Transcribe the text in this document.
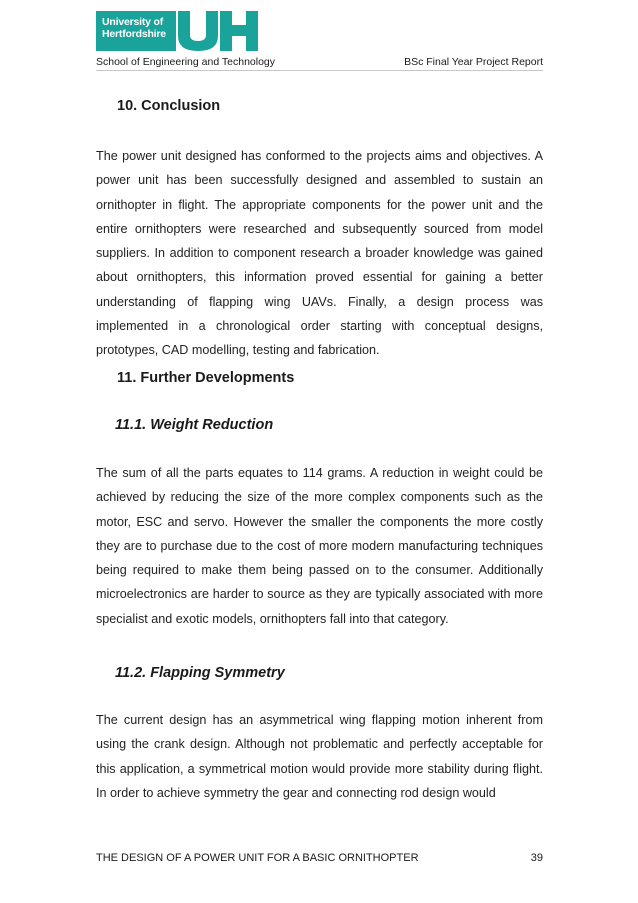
University of
Hertfordshire
School of Engineering and Technology	BSc Final Year Project Report
10. Conclusion

The power unit designed has conformed to the projects aims and objectives. A power unit has been successfully designed and assembled to sustain an ornithopter in flight. The appropriate components for the power unit and the entire ornithopters were researched and subsequently sourced from model suppliers. In addition to component research a broader knowledge was gained about ornithopters, this information proved essential for gaining a better understanding of flapping wing UAVs. Finally, a design process was implemented in a chronological order starting with conceptual designs, prototypes, CAD modelling, testing and fabrication.

11. Further Developments
11.1. Weight Reduction

The sum of all the parts equates to 114 grams. A reduction in weight could be achieved by reducing the size of the more complex components such as the motor, ESC and servo. However the smaller the components the more costly they are to purchase due to the cost of more modern manufacturing techniques being required to make them being passed on to the consumer. Additionally microelectronics are harder to source as they are typically associated with more specialist and exotic models, ornithopters fall into that category.

11.2. Flapping Symmetry

The current design has an asymmetrical wing flapping motion inherent from using the crank design. Although not problematic and perfectly acceptable for this application, a symmetrical motion would provide more stability during flight. In order to achieve symmetry the gear and connecting rod design would

THE DESIGN OF A POWER UNIT FOR A BASIC ORNITHOPTER	39
